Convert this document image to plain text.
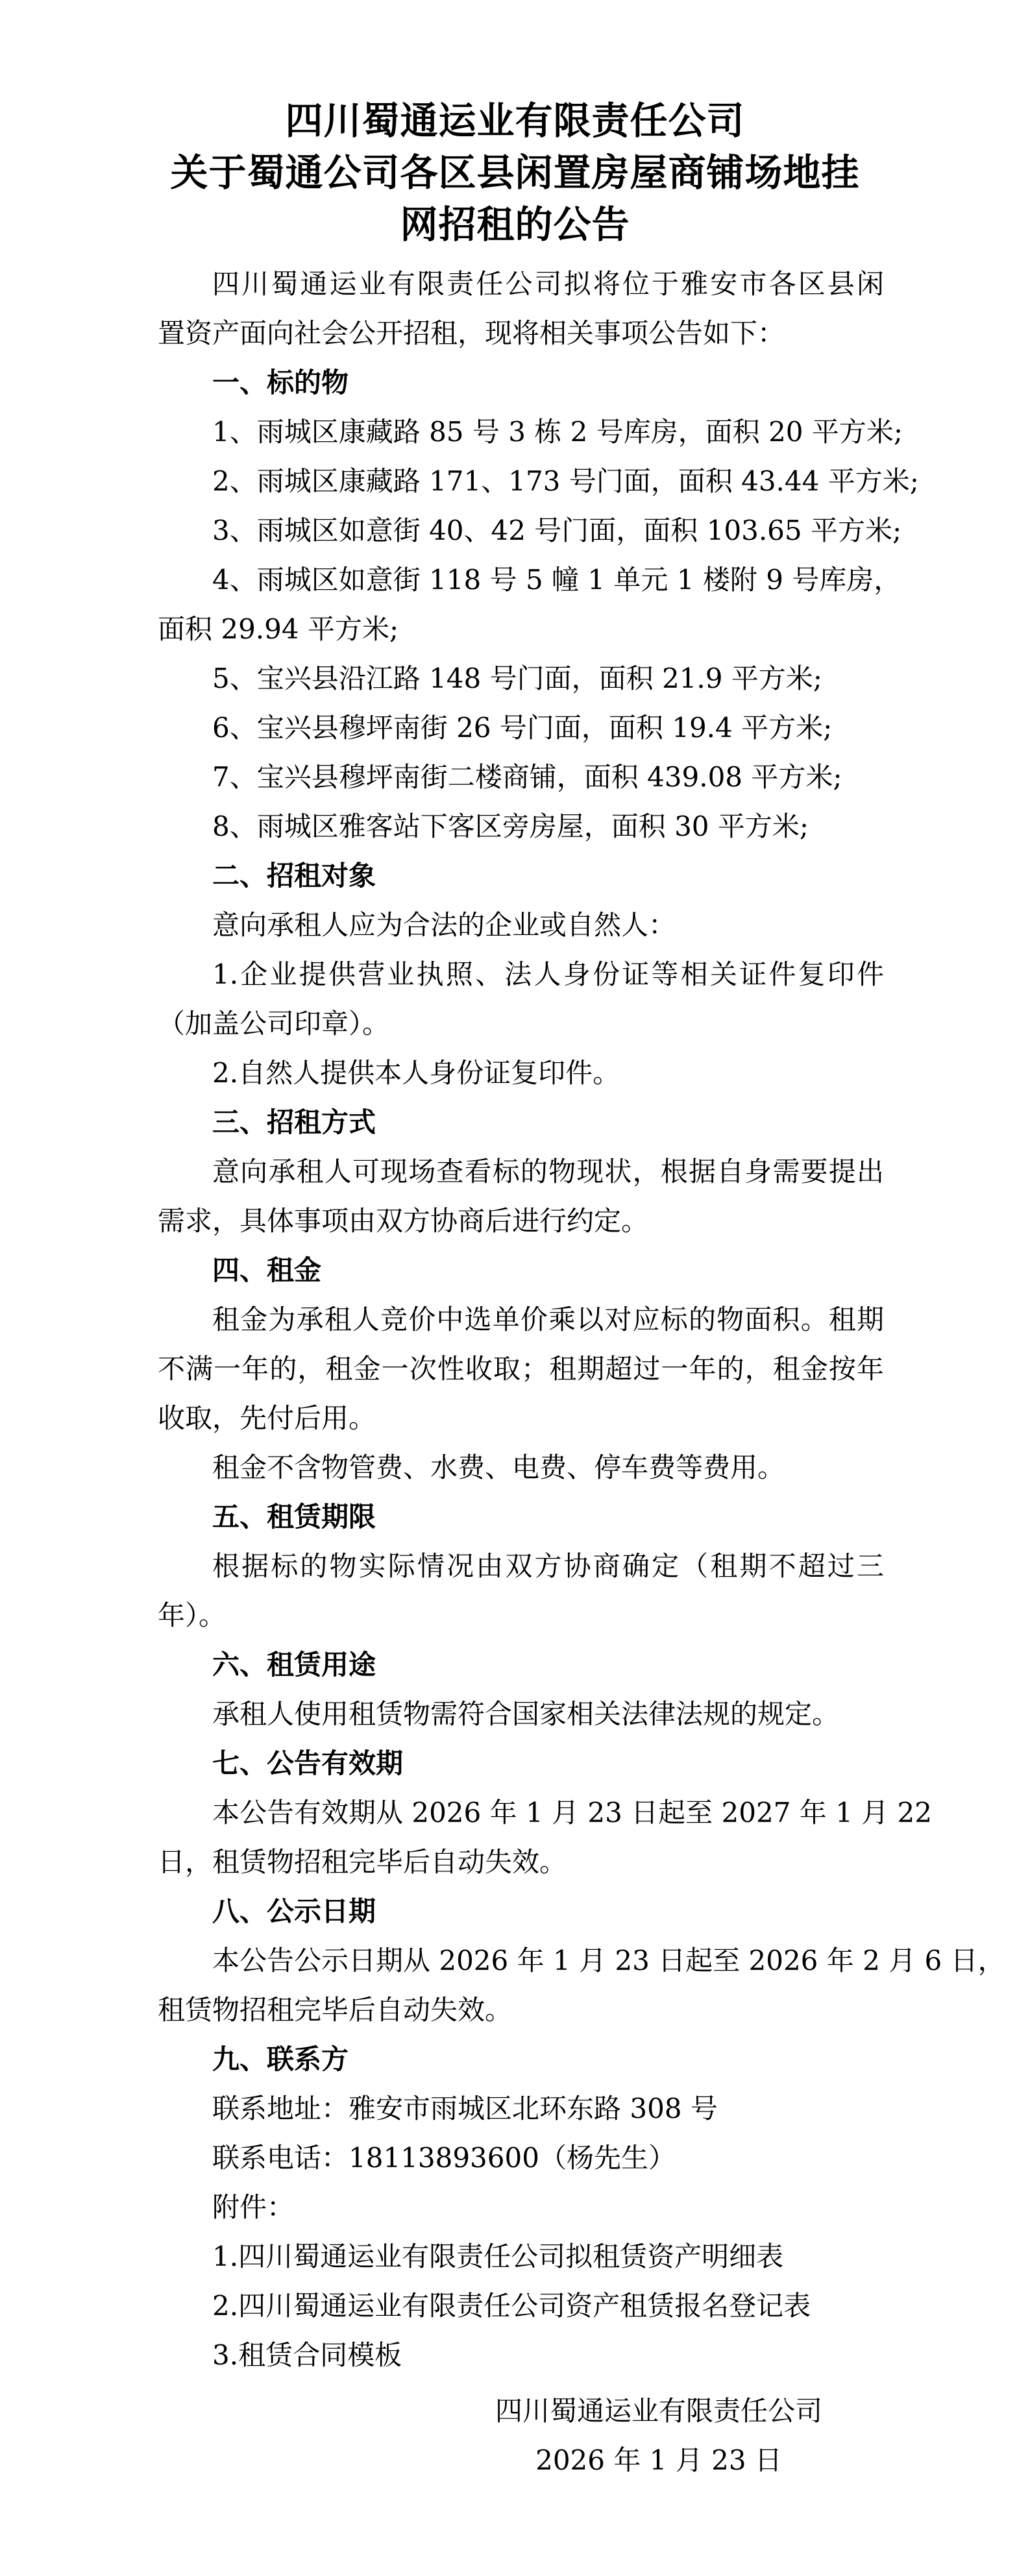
四川蜀通运业有限责任公司
关于蜀通公司各区县闲置房屋商铺场地挂
网招租的公告
四川蜀通运业有限责任公司拟将位于雅安市各区县闲
置资产面向社会公开招租，现将相关事项公告如下：
一、标的物
1、雨城区康藏路 85 号 3 栋 2 号库房，面积 20 平方米;
2、雨城区康藏路 171、173 号门面，面积 43.44 平方米;
3、雨城区如意街 40、42 号门面，面积 103.65 平方米;
4、雨城区如意街 118 号 5 幢 1 单元 1 楼附 9 号库房，
面积 29.94 平方米;
5、宝兴县沿江路 148 号门面，面积 21.9 平方米;
6、宝兴县穆坪南街 26 号门面，面积 19.4 平方米;
7、宝兴县穆坪南街二楼商铺，面积 439.08 平方米;
8、雨城区雅客站下客区旁房屋，面积 30 平方米;
二、招租对象
意向承租人应为合法的企业或自然人：
1.企业提供营业执照、法人身份证等相关证件复印件
（加盖公司印章）。
2.自然人提供本人身份证复印件。
三、招租方式
意向承租人可现场查看标的物现状，根据自身需要提出
需求，具体事项由双方协商后进行约定。
四、租金
租金为承租人竞价中选单价乘以对应标的物面积。租期
不满一年的，租金一次性收取；租期超过一年的，租金按年
收取，先付后用。
租金不含物管费、水费、电费、停车费等费用。
五、租赁期限
根据标的物实际情况由双方协商确定（租期不超过三
年）。
六、租赁用途
承租人使用租赁物需符合国家相关法律法规的规定。
七、公告有效期
本公告有效期从 2026 年 1 月 23 日起至 2027 年 1 月 22
日，租赁物招租完毕后自动失效。
八、公示日期
本公告公示日期从 2026 年 1 月 23 日起至 2026 年 2 月 6 日，
租赁物招租完毕后自动失效。
九、联系方
联系地址：雅安市雨城区北环东路 308 号
联系电话：18113893600（杨先生）
附件：
1.四川蜀通运业有限责任公司拟租赁资产明细表
2.四川蜀通运业有限责任公司资产租赁报名登记表
3.租赁合同模板
四川蜀通运业有限责任公司
2026 年 1 月 23 日
